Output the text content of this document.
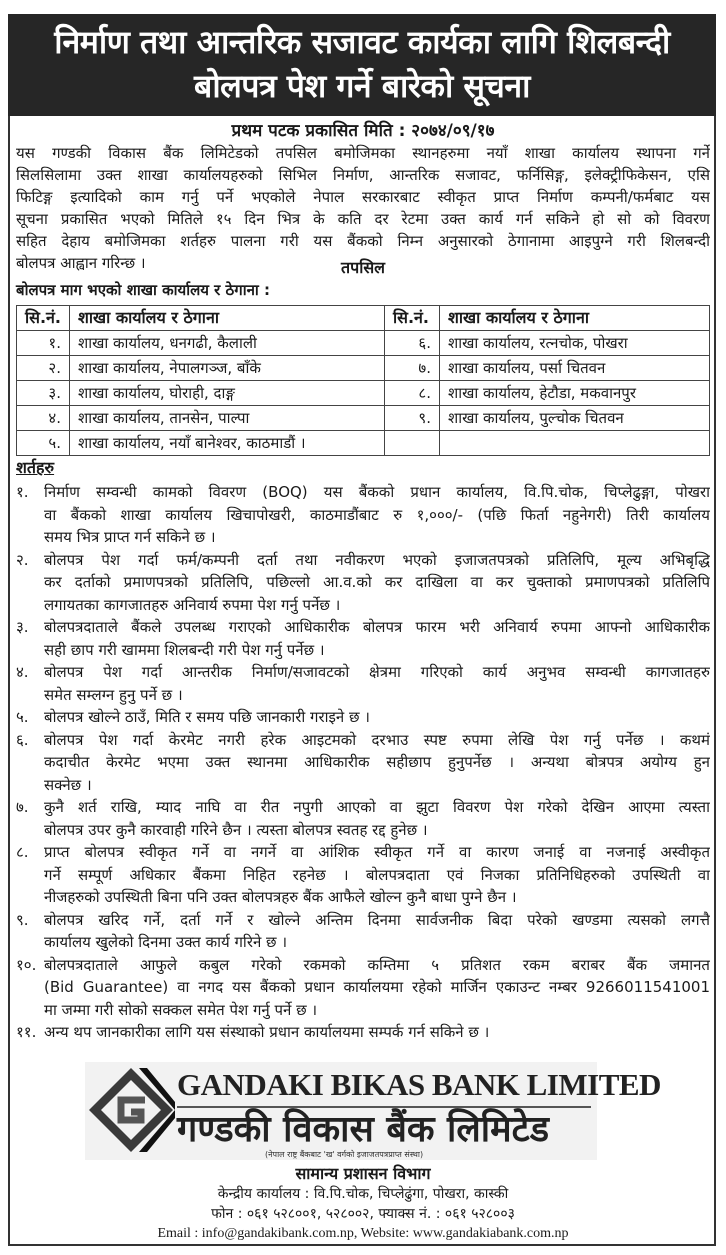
निर्माण तथा आन्तरिक सजावट कार्यका लागि शिलबन्दी
बोलपत्र पेश गर्ने बारेको सूचना
प्रथम पटक प्रकासित मिति : २०७४/०९/१७
यस गण्डकी विकास बैंक लिमिटेडको तपसिल बमोजिमका स्थानहरुमा नयाँ शाखा कार्यालय स्थापना गर्ने
सिलसिलामा उक्त शाखा कार्यालयहरुको सिभिल निर्माण, आन्तरिक सजावट, फर्निसिङ्ग, इलेक्ट्रीफिकेसन, एसि
फिटिङ्ग इत्यादिको काम गर्नु पर्ने भएकोले नेपाल सरकारबाट स्वीकृत प्राप्त निर्माण कम्पनी/फर्मबाट यस
सूचना प्रकासित भएको मितिले १५ दिन भित्र के कति दर रेटमा उक्त कार्य गर्न सकिने हो सो को विवरण
सहित देहाय बमोजिमका शर्तहरु पालना गरी यस बैंकको निम्न अनुसारको ठेगानामा आइपुग्ने गरी शिलबन्दी
बोलपत्र आह्वान गरिन्छ ।	तपसिल
बोलपत्र माग भएको शाखा कार्यालय र ठेगाना :
सि.नं.	शाखा कार्यालय र ठेगाना	सि.नं.	शाखा कार्यालय र ठेगाना
१.	शाखा कार्यालय, धनगढी, कैलाली	६.	शाखा कार्यालय, रत्नचोक, पोखरा
२.	शाखा कार्यालय, नेपालगञ्ज, बाँके	७.	शाखा कार्यालय, पर्सा चितवन
३.	शाखा कार्यालय, घोराही, दाङ्ग	८.	शाखा कार्यालय, हेटौडा, मकवानपुर
४.	शाखा कार्यालय, तानसेन, पाल्पा	९.	शाखा कार्यालय, पुल्चोक चितवन
५.	शाखा कार्यालय, नयाँ बानेश्वर, काठमाडौं ।		
शर्तहरु
१.	निर्माण सम्वन्धी कामको विवरण (BOQ) यस बैंकको प्रधान कार्यालय, वि.पि.चोक, चिप्लेढुङ्गा, पोखरा
वा बैंकको शाखा कार्यालय खिचापोखरी, काठमाडौंबाट रु १,०००/- (पछि फिर्ता नहुनेगरी) तिरी कार्यालय
समय भित्र प्राप्त गर्न सकिने छ ।
२.	बोलपत्र पेश गर्दा फर्म/कम्पनी दर्ता तथा नवीकरण भएको इजाजतपत्रको प्रतिलिपि, मूल्य अभिबृद्धि
कर दर्ताको प्रमाणपत्रको प्रतिलिपि, पछिल्लो आ.व.को कर दाखिला वा कर चुक्ताको प्रमाणपत्रको प्रतिलिपि
लगायतका कागजातहरु अनिवार्य रुपमा पेश गर्नु पर्नेछ ।
३.	बोलपत्रदाताले बैंकले उपलब्ध गराएको आधिकारीक बोलपत्र फारम भरी अनिवार्य रुपमा आफ्नो आधिकारीक
सही छाप गरी खाममा शिलबन्दी गरी पेश गर्नु पर्नेछ ।
४.	बोलपत्र पेश गर्दा आन्तरीक निर्माण/सजावटको क्षेत्रमा गरिएको कार्य अनुभव सम्वन्धी कागजातहरु
समेत सम्लग्न हुनु पर्ने छ ।
५.	बोलपत्र खोल्ने ठाउँ, मिति र समय पछि जानकारी गराइने छ ।
६.	बोलपत्र पेश गर्दा केरमेट नगरी हरेक आइटमको दरभाउ स्पष्ट रुपमा लेखि पेश गर्नु पर्नेछ । कथमं
कदाचीत केरमेट भएमा उक्त स्थानमा आधिकारीक सहीछाप हुनुपर्नेछ । अन्यथा बोत्रपत्र अयोग्य हुन
सक्नेछ ।
७.	कुनै शर्त राखि, म्याद नाघि वा रीत नपुगी आएको वा झुटा विवरण पेश गरेको देखिन आएमा त्यस्ता
बोलपत्र उपर कुनै कारवाही गरिने छैन । त्यस्ता बोलपत्र स्वतह रद्द हुनेछ ।
८.	प्राप्त बोलपत्र स्वीकृत गर्ने वा नगर्ने वा आंशिक स्वीकृत गर्ने वा कारण जनाई वा नजनाई अस्वीकृत
गर्ने सम्पूर्ण अधिकार बैंकमा निहित रहनेछ । बोलपत्रदाता एवं निजका प्रतिनिधिहरुको उपस्थिती वा
नीजहरुको उपस्थिती बिना पनि उक्त बोलपत्रहरु बैंक आफैले खोल्न कुनै बाधा पुग्ने छैन ।
९.	बोलपत्र खरिद गर्ने, दर्ता गर्ने र खोल्ने अन्तिम दिनमा सार्वजनीक बिदा परेको खण्डमा त्यसको लगत्तै
कार्यालय खुलेको दिनमा उक्त कार्य गरिने छ ।
१०. बोलपत्रदाताले आफुले कबुल गरेको रकमको कम्तिमा ५ प्रतिशत रकम बराबर बैंक जमानत
(Bid Guarantee) वा नगद यस बैंकको प्रधान कार्यालयमा रहेको मार्जिन एकाउन्ट नम्बर 9266011541001
मा जम्मा गरी सोको सक्कल समेत पेश गर्नु पर्ने छ ।
११. अन्य थप जानकारीका लागि यस संस्थाको प्रधान कार्यालयमा सम्पर्क गर्न सकिने छ ।
GANDAKI BIKAS BANK LIMITED
गण्डकी विकास बैंक लिमिटेड
(नेपाल राष्ट्र बैंकबाट 'ख' वर्गको इजाजतपत्रप्राप्त संस्था)
सामान्य प्रशासन विभाग
केन्द्रीय कार्यालय : वि.पि.चोक, चिप्लेढुंगा, पोखरा, कास्की
फोन : ०६१ ५२८००१, ५२८००२, फ्याक्स नं. : ०६१ ५२८००३
Email : info@gandakibank.com.np, Website: www.gandakiabank.com.np
